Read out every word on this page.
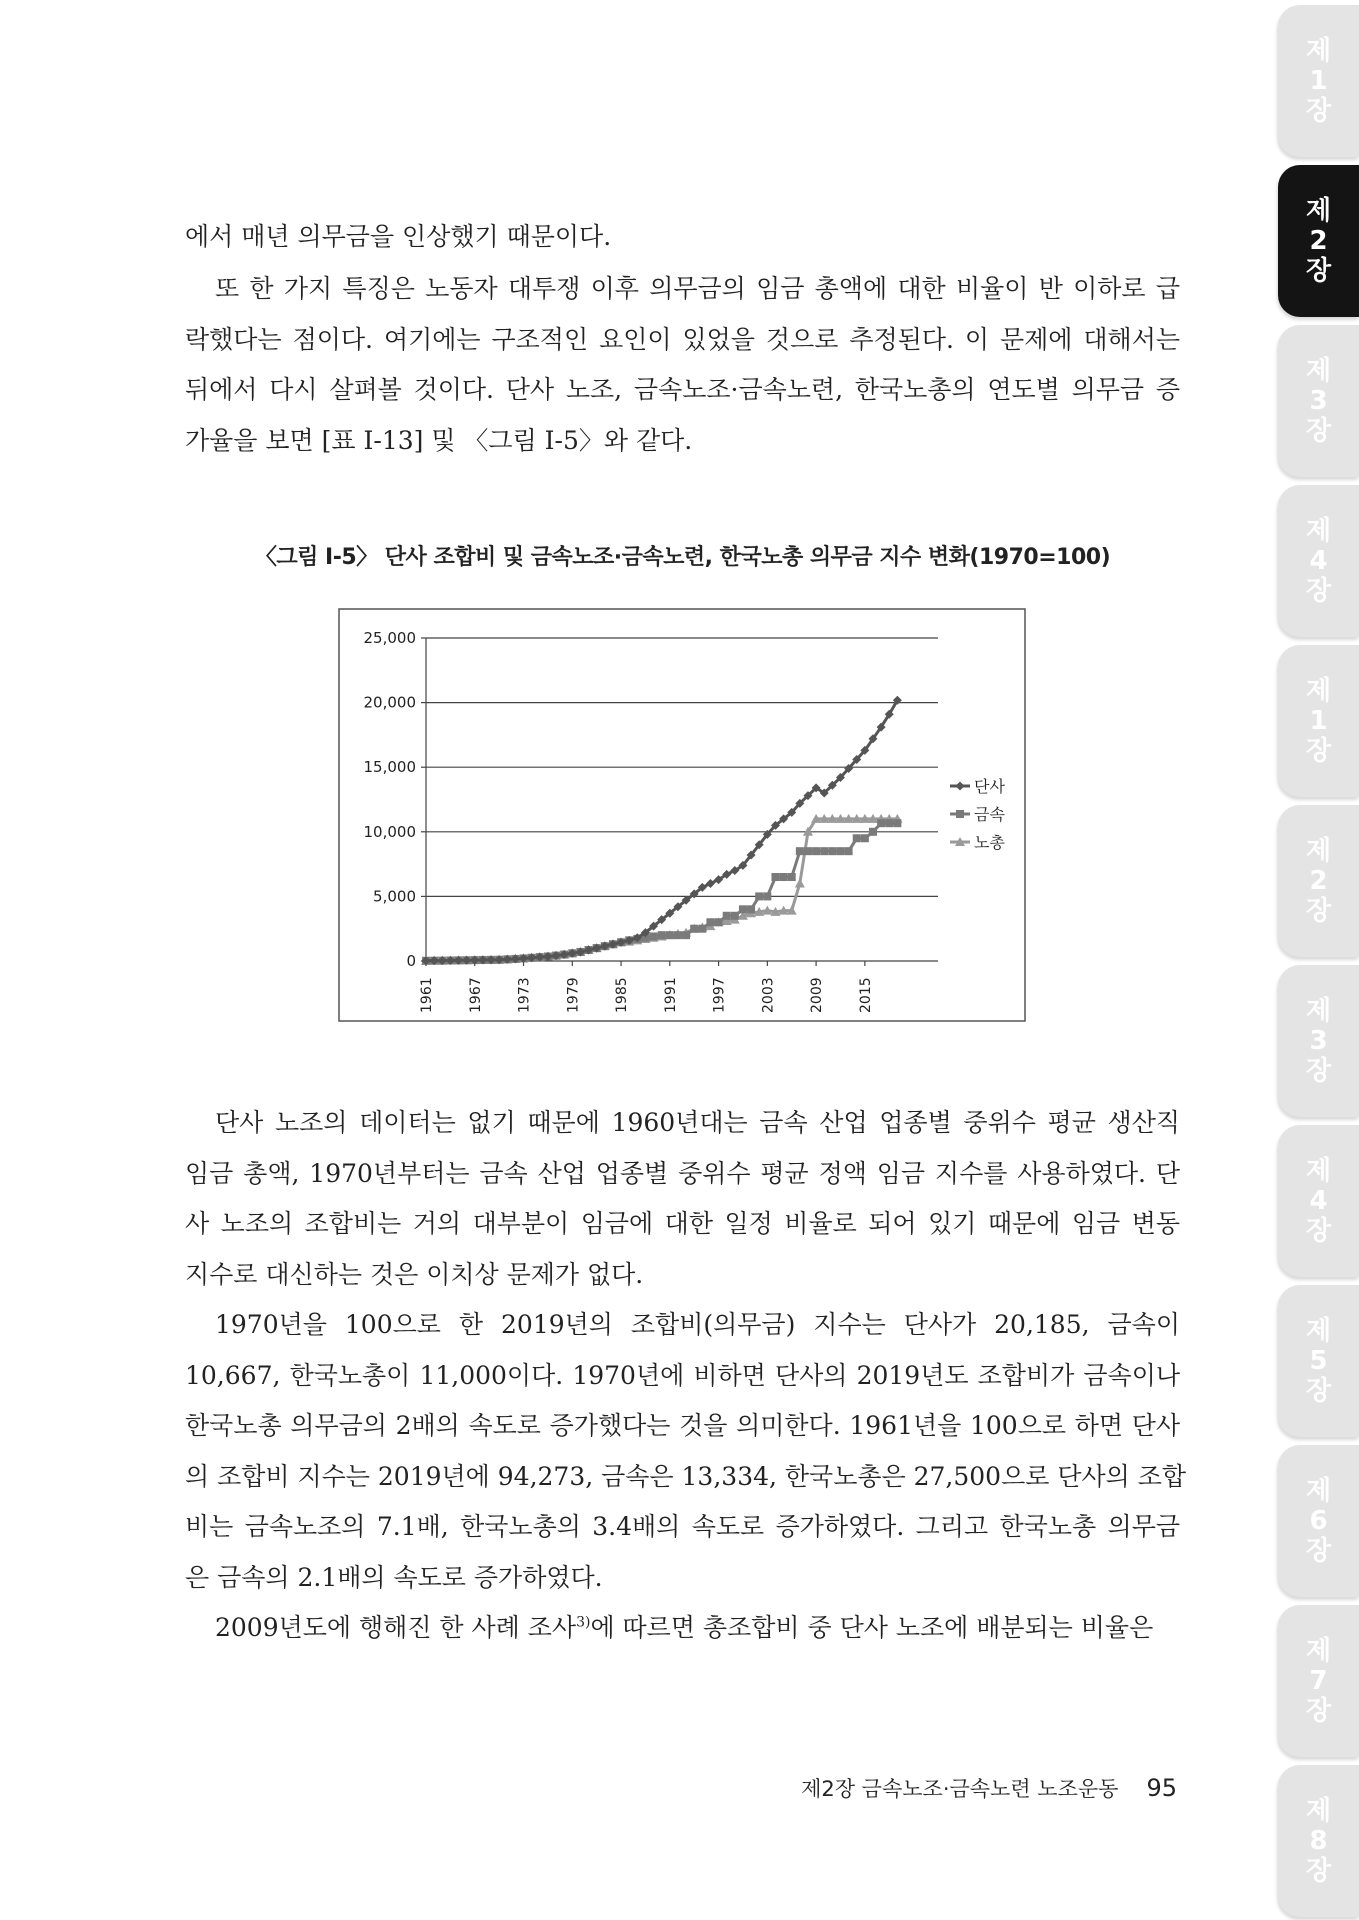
제
1
장
제
2
장
제
3
장
제
4
장
제
1
장
제
2
장
제
3
장
제
4
장
제
5
장
제
6
장
제
7
장
제
8
장
에서 매년 의무금을 인상했기 때문이다.
또 한 가지 특징은 노동자 대투쟁 이후 의무금의 임금 총액에 대한 비율이 반 이하로 급
락했다는 점이다. 여기에는 구조적인 요인이 있었을 것으로 추정된다. 이 문제에 대해서는
뒤에서 다시 살펴볼 것이다. 단사 노조, 금속노조·금속노련, 한국노총의 연도별 의무금 증
가율을 보면 [표 Ⅰ-13] 및 〈그림 Ⅰ-5〉와 같다.
〈그림 Ⅰ-5〉 단사 조합비 및 금속노조·금속노련, 한국노총 의무금 지수 변화(1970=100)
0
5,000
10,000
15,000
20,000
25,000
1961 1967 1973 1979 1985 1991 1997 2003 2009 2015
단사
금속
노총
단사 노조의 데이터는 없기 때문에 1960년대는 금속 산업 업종별 중위수 평균 생산직
임금 총액, 1970년부터는 금속 산업 업종별 중위수 평균 정액 임금 지수를 사용하였다. 단
사 노조의 조합비는 거의 대부분이 임금에 대한 일정 비율로 되어 있기 때문에 임금 변동
지수로 대신하는 것은 이치상 문제가 없다.
1970년을 100으로 한 2019년의 조합비(의무금) 지수는 단사가 20,185, 금속이
10,667, 한국노총이 11,000이다. 1970년에 비하면 단사의 2019년도 조합비가 금속이나
한국노총 의무금의 2배의 속도로 증가했다는 것을 의미한다. 1961년을 100으로 하면 단사
의 조합비 지수는 2019년에 94,273, 금속은 13,334, 한국노총은 27,500으로 단사의 조합
비는 금속노조의 7.1배, 한국노총의 3.4배의 속도로 증가하였다. 그리고 한국노총 의무금
은 금속의 2.1배의 속도로 증가하였다.
2009년도에 행해진 한 사례 조사$^{3)}$에 따르면 총조합비 중 단사 노조에 배분되는 비율은
제2장 금속노조·금속노련 노조운동 95
